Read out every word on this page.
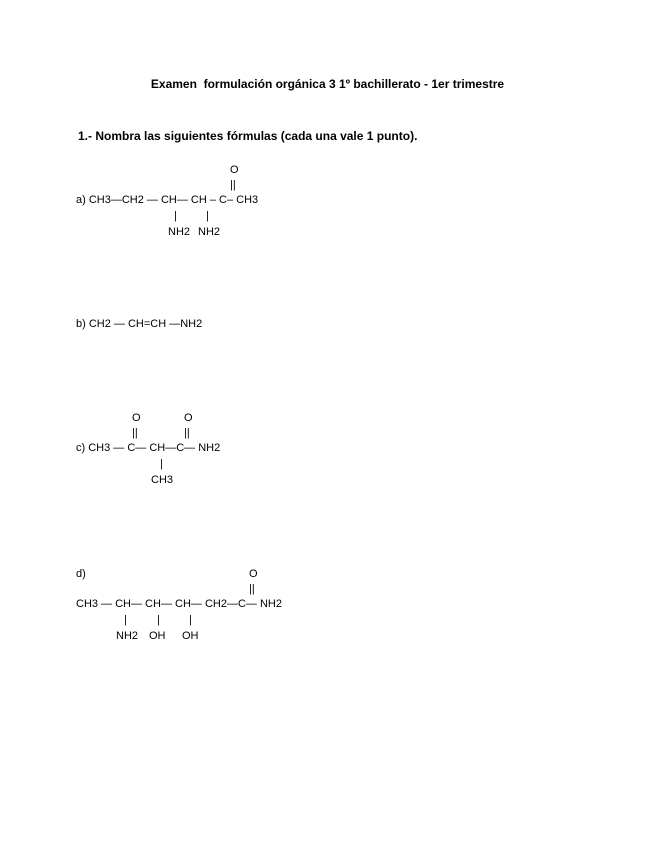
Examen  formulación orgánica 3 1º bachillerato - 1er trimestre
1.- Nombra las siguientes fórmulas (cada una vale 1 punto).
O
||
a) CH3—CH2 — CH— CH – C– CH3
|	|
NH2 NH2
b) CH2 — CH=CH —NH2
O	O
||	||
c) CH3 — C— CH—C— NH2
|
CH3
d)	O
||
CH3 — CH— CH— CH— CH2—C— NH2
|	|	|
NH2 OH OH
